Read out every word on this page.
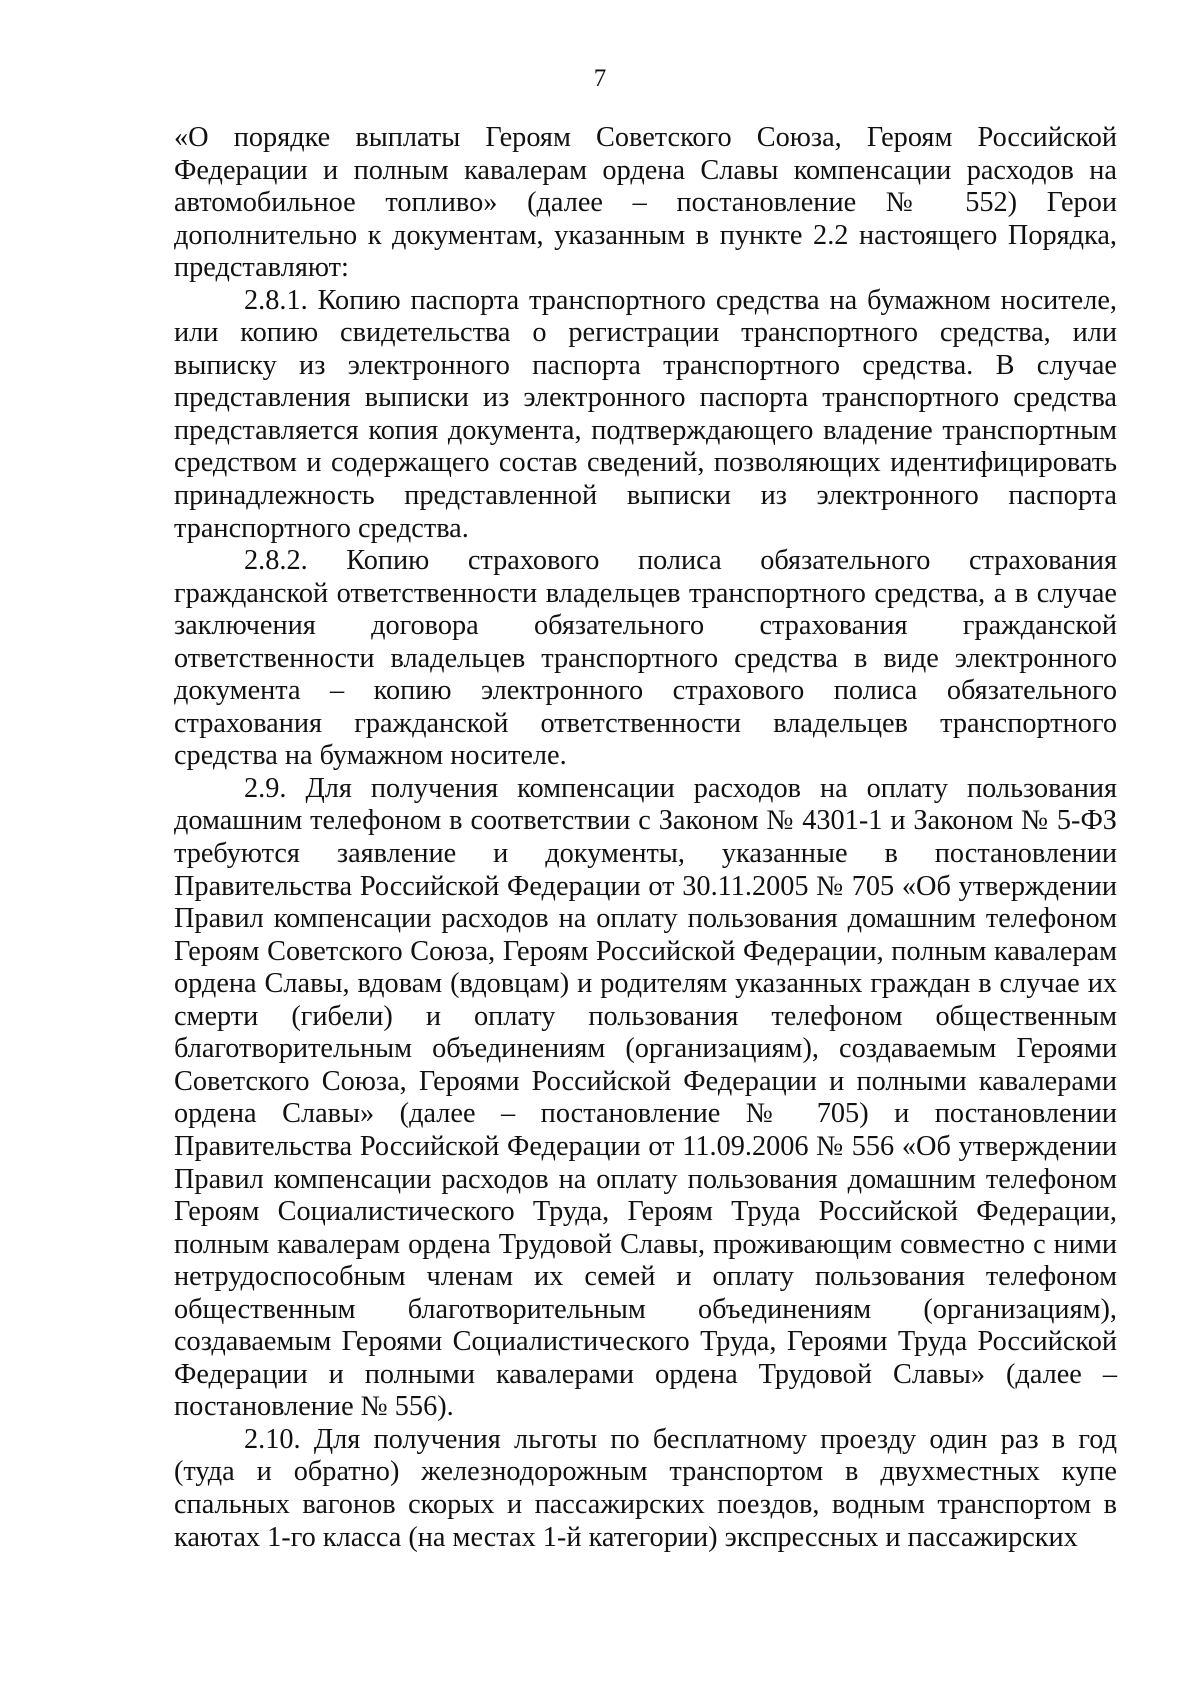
7

«О порядке выплаты Героям Советского Союза, Героям Российской Федерации и полным кавалерам ордена Славы компенсации расходов на автомобильное топливо» (далее – постановление № 552) Герои дополнительно к документам, указанным в пункте 2.2 настоящего Порядка, представляют:

2.8.1. Копию паспорта транспортного средства на бумажном носителе, или копию свидетельства о регистрации транспортного средства, или выписку из электронного паспорта транспортного средства. В случае представления выписки из электронного паспорта транспортного средства представляется копия документа, подтверждающего владение транспортным средством и содержащего состав сведений, позволяющих идентифицировать принадлежность представленной выписки из электронного паспорта транспортного средства.

2.8.2. Копию страхового полиса обязательного страхования гражданской ответственности владельцев транспортного средства, а в случае заключения договора обязательного страхования гражданской ответственности владельцев транспортного средства в виде электронного документа – копию электронного страхового полиса обязательного страхования гражданской ответственности владельцев транспортного средства на бумажном носителе.

2.9. Для получения компенсации расходов на оплату пользования домашним телефоном в соответствии с Законом № 4301-1 и Законом № 5-ФЗ требуются заявление и документы, указанные в постановлении Правительства Российской Федерации от 30.11.2005 № 705 «Об утверждении Правил компенсации расходов на оплату пользования домашним телефоном Героям Советского Союза, Героям Российской Федерации, полным кавалерам ордена Славы, вдовам (вдовцам) и родителям указанных граждан в случае их смерти (гибели) и оплату пользования телефоном общественным благотворительным объединениям (организациям), создаваемым Героями Советского Союза, Героями Российской Федерации и полными кавалерами ордена Славы» (далее – постановление № 705) и постановлении Правительства Российской Федерации от 11.09.2006 № 556 «Об утверждении Правил компенсации расходов на оплату пользования домашним телефоном Героям Социалистического Труда, Героям Труда Российской Федерации, полным кавалерам ордена Трудовой Славы, проживающим совместно с ними нетрудоспособным членам их семей и оплату пользования телефоном общественным благотворительным объединениям (организациям), создаваемым Героями Социалистического Труда, Героями Труда Российской Федерации и полными кавалерами ордена Трудовой Славы» (далее – постановление № 556).

2.10. Для получения льготы по бесплатному проезду один раз в год (туда и обратно) железнодорожным транспортом в двухместных купе спальных вагонов скорых и пассажирских поездов, водным транспортом в каютах 1-го класса (на местах 1-й категории) экспрессных и пассажирских
